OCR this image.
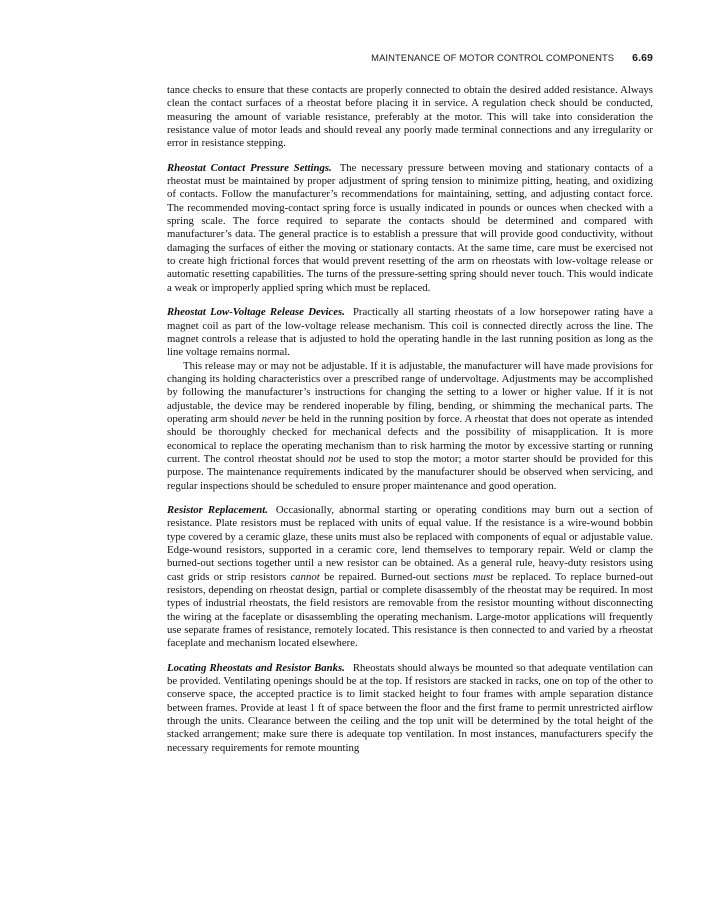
MAINTENANCE OF MOTOR CONTROL COMPONENTS 6.69

tance checks to ensure that these contacts are properly connected to obtain the desired added resistance. Always clean the contact surfaces of a rheostat before placing it in service. A regulation check should be conducted, measuring the amount of variable resistance, preferably at the motor. This will take into consideration the resistance value of motor leads and should reveal any poorly made terminal connections and any irregularity or error in resistance stepping.

Rheostat Contact Pressure Settings. The necessary pressure between moving and stationary contacts of a rheostat must be maintained by proper adjustment of spring tension to minimize pitting, heating, and oxidizing of contacts. Follow the manufacturer’s recommendations for maintaining, setting, and adjusting contact force. The recommended moving-contact spring force is usually indicated in pounds or ounces when checked with a spring scale. The force required to separate the contacts should be determined and compared with manufacturer’s data. The general practice is to establish a pressure that will provide good conductivity, without damaging the surfaces of either the moving or stationary contacts. At the same time, care must be exercised not to create high frictional forces that would prevent resetting of the arm on rheostats with low-voltage release or automatic resetting capabilities. The turns of the pressure-setting spring should never touch. This would indicate a weak or improperly applied spring which must be replaced.

Rheostat Low-Voltage Release Devices. Practically all starting rheostats of a low horsepower rating have a magnet coil as part of the low-voltage release mechanism. This coil is connected directly across the line. The magnet controls a release that is adjusted to hold the operating handle in the last running position as long as the line voltage remains normal.

This release may or may not be adjustable. If it is adjustable, the manufacturer will have made provisions for changing its holding characteristics over a prescribed range of undervoltage. Adjustments may be accomplished by following the manufacturer’s instructions for changing the setting to a lower or higher value. If it is not adjustable, the device may be rendered inoperable by filing, bending, or shimming the mechanical parts. The operating arm should never be held in the running position by force. A rheostat that does not operate as intended should be thoroughly checked for mechanical defects and the possibility of misapplication. It is more economical to replace the operating mechanism than to risk harming the motor by excessive starting or running current. The control rheostat should not be used to stop the motor; a motor starter should be provided for this purpose. The maintenance requirements indicated by the manufacturer should be observed when servicing, and regular inspections should be scheduled to ensure proper maintenance and good operation.

Resistor Replacement. Occasionally, abnormal starting or operating conditions may burn out a section of resistance. Plate resistors must be replaced with units of equal value. If the resistance is a wire-wound bobbin type covered by a ceramic glaze, these units must also be replaced with components of equal or adjustable value. Edge-wound resistors, supported in a ceramic core, lend themselves to temporary repair. Weld or clamp the burned-out sections together until a new resistor can be obtained. As a general rule, heavy-duty resistors using cast grids or strip resistors cannot be repaired. Burned-out sections must be replaced. To replace burned-out resistors, depending on rheostat design, partial or complete disassembly of the rheostat may be required. In most types of industrial rheostats, the field resistors are removable from the resistor mounting without disconnecting the wiring at the faceplate or disassembling the operating mechanism. Large-motor applications will frequently use separate frames of resistance, remotely located. This resistance is then connected to and varied by a rheostat faceplate and mechanism located elsewhere.

Locating Rheostats and Resistor Banks. Rheostats should always be mounted so that adequate ventilation can be provided. Ventilating openings should be at the top. If resistors are stacked in racks, one on top of the other to conserve space, the accepted practice is to limit stacked height to four frames with ample separation distance between frames. Provide at least 1 ft of space between the floor and the first frame to permit unrestricted airflow through the units. Clearance between the ceiling and the top unit will be determined by the total height of the stacked arrangement; make sure there is adequate top ventilation. In most instances, manufacturers specify the necessary requirements for remote mounting
